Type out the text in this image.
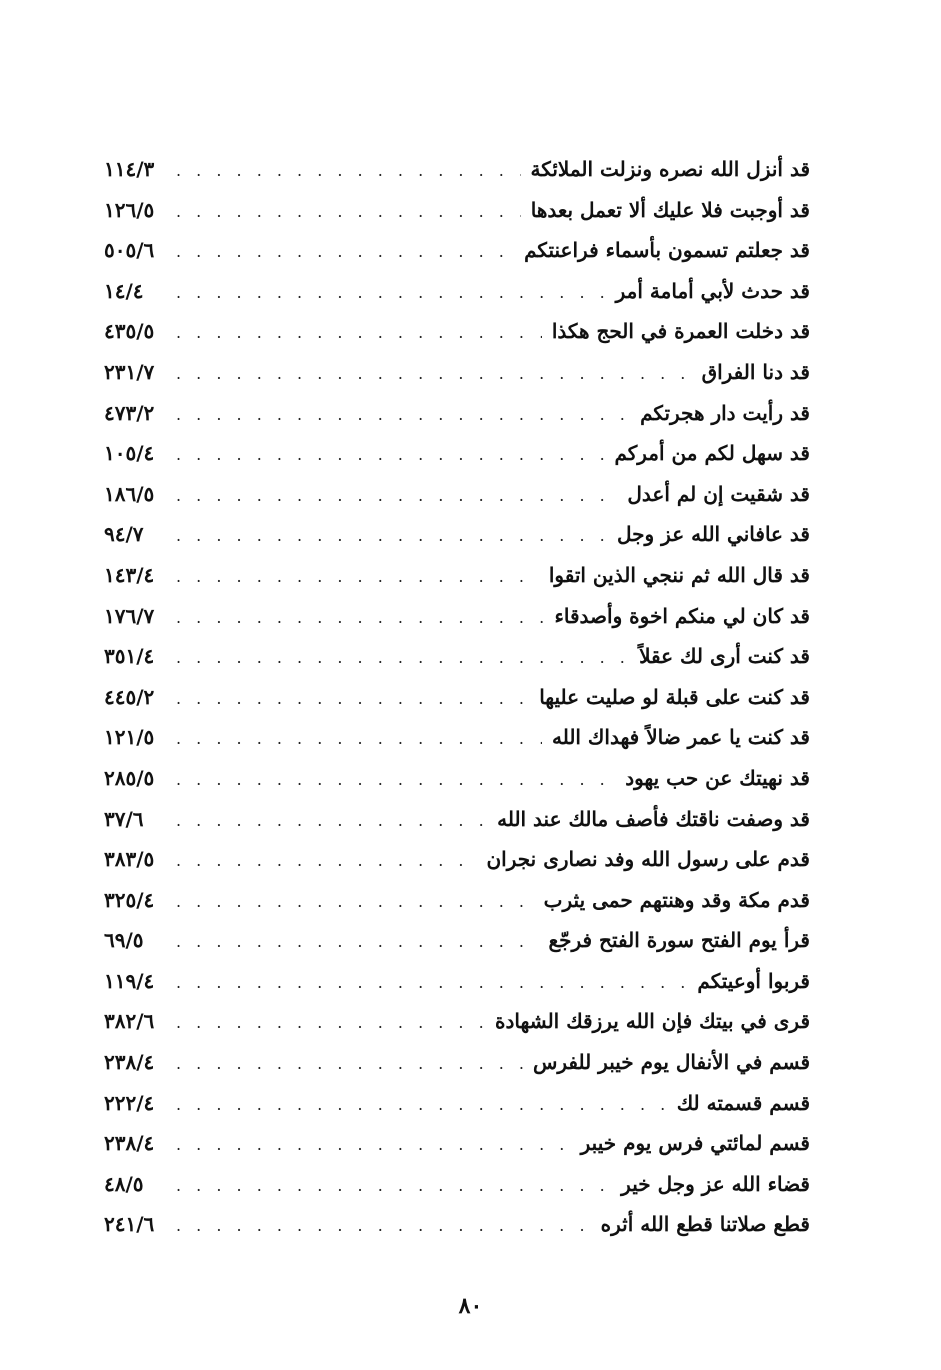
قد أنزل الله نصره ونزلت الملائكة
. . .
١١٤/٣
قد أوجبت فلا عليك ألا تعمل بعدها
. . .
١٢٦/٥
قد جعلتم تسمون بأسماء فراعنتكم
. . .
٥٠٥/٦
قد حدث لأبي أمامة أمر
. . .
١٤/٤
قد دخلت العمرة في الحج هكذا
. . .
٤٣٥/٥
قد دنا الفراق
. . .
٢٣١/٧
قد رأيت دار هجرتكم
. . .
٤٧٣/٢
قد سهل لكم من أمركم
. . .
١٠٥/٤
قد شقيت إن لم أعدل
. . .
١٨٦/٥
قد عافاني الله عز وجل
. . .
٩٤/٧
قد قال الله ثم ننجي الذين اتقوا
. . .
١٤٣/٤
قد كان لي منكم اخوة وأصدقاء
. . .
١٧٦/٧
قد كنت أرى لك عقلاً
. . .
٣٥١/٤
قد كنت على قبلة لو صليت عليها
. . .
٤٤٥/٢
قد كنت يا عمر ضالاً فهداك الله
. . .
١٢١/٥
قد نهيتك عن حب يهود
. . .
٢٨٥/٥
قد وصفت ناقتك فأصف مالك عند الله
. . .
٣٧/٦
قدم على رسول الله وفد نصارى نجران
. . .
٣٨٣/٥
قدم مكة وقد وهنتهم حمى يثرب
. . .
٣٢٥/٤
قرأ يوم الفتح سورة الفتح فرجّع
. . .
٦٩/٥
قربوا أوعيتكم
. . .
١١٩/٤
قرى في بيتك فإن الله يرزقك الشهادة
. . .
٣٨٢/٦
قسم في الأنفال يوم خيبر للفرس
. . .
٢٣٨/٤
قسم قسمته لك
. . .
٢٢٢/٤
قسم لمائتي فرس يوم خيبر
. . .
٢٣٨/٤
قضاء الله عز وجل خير
. . .
٤٨/٥
قطع صلاتنا قطع الله أثره
. . .
٢٤١/٦
٨٠
